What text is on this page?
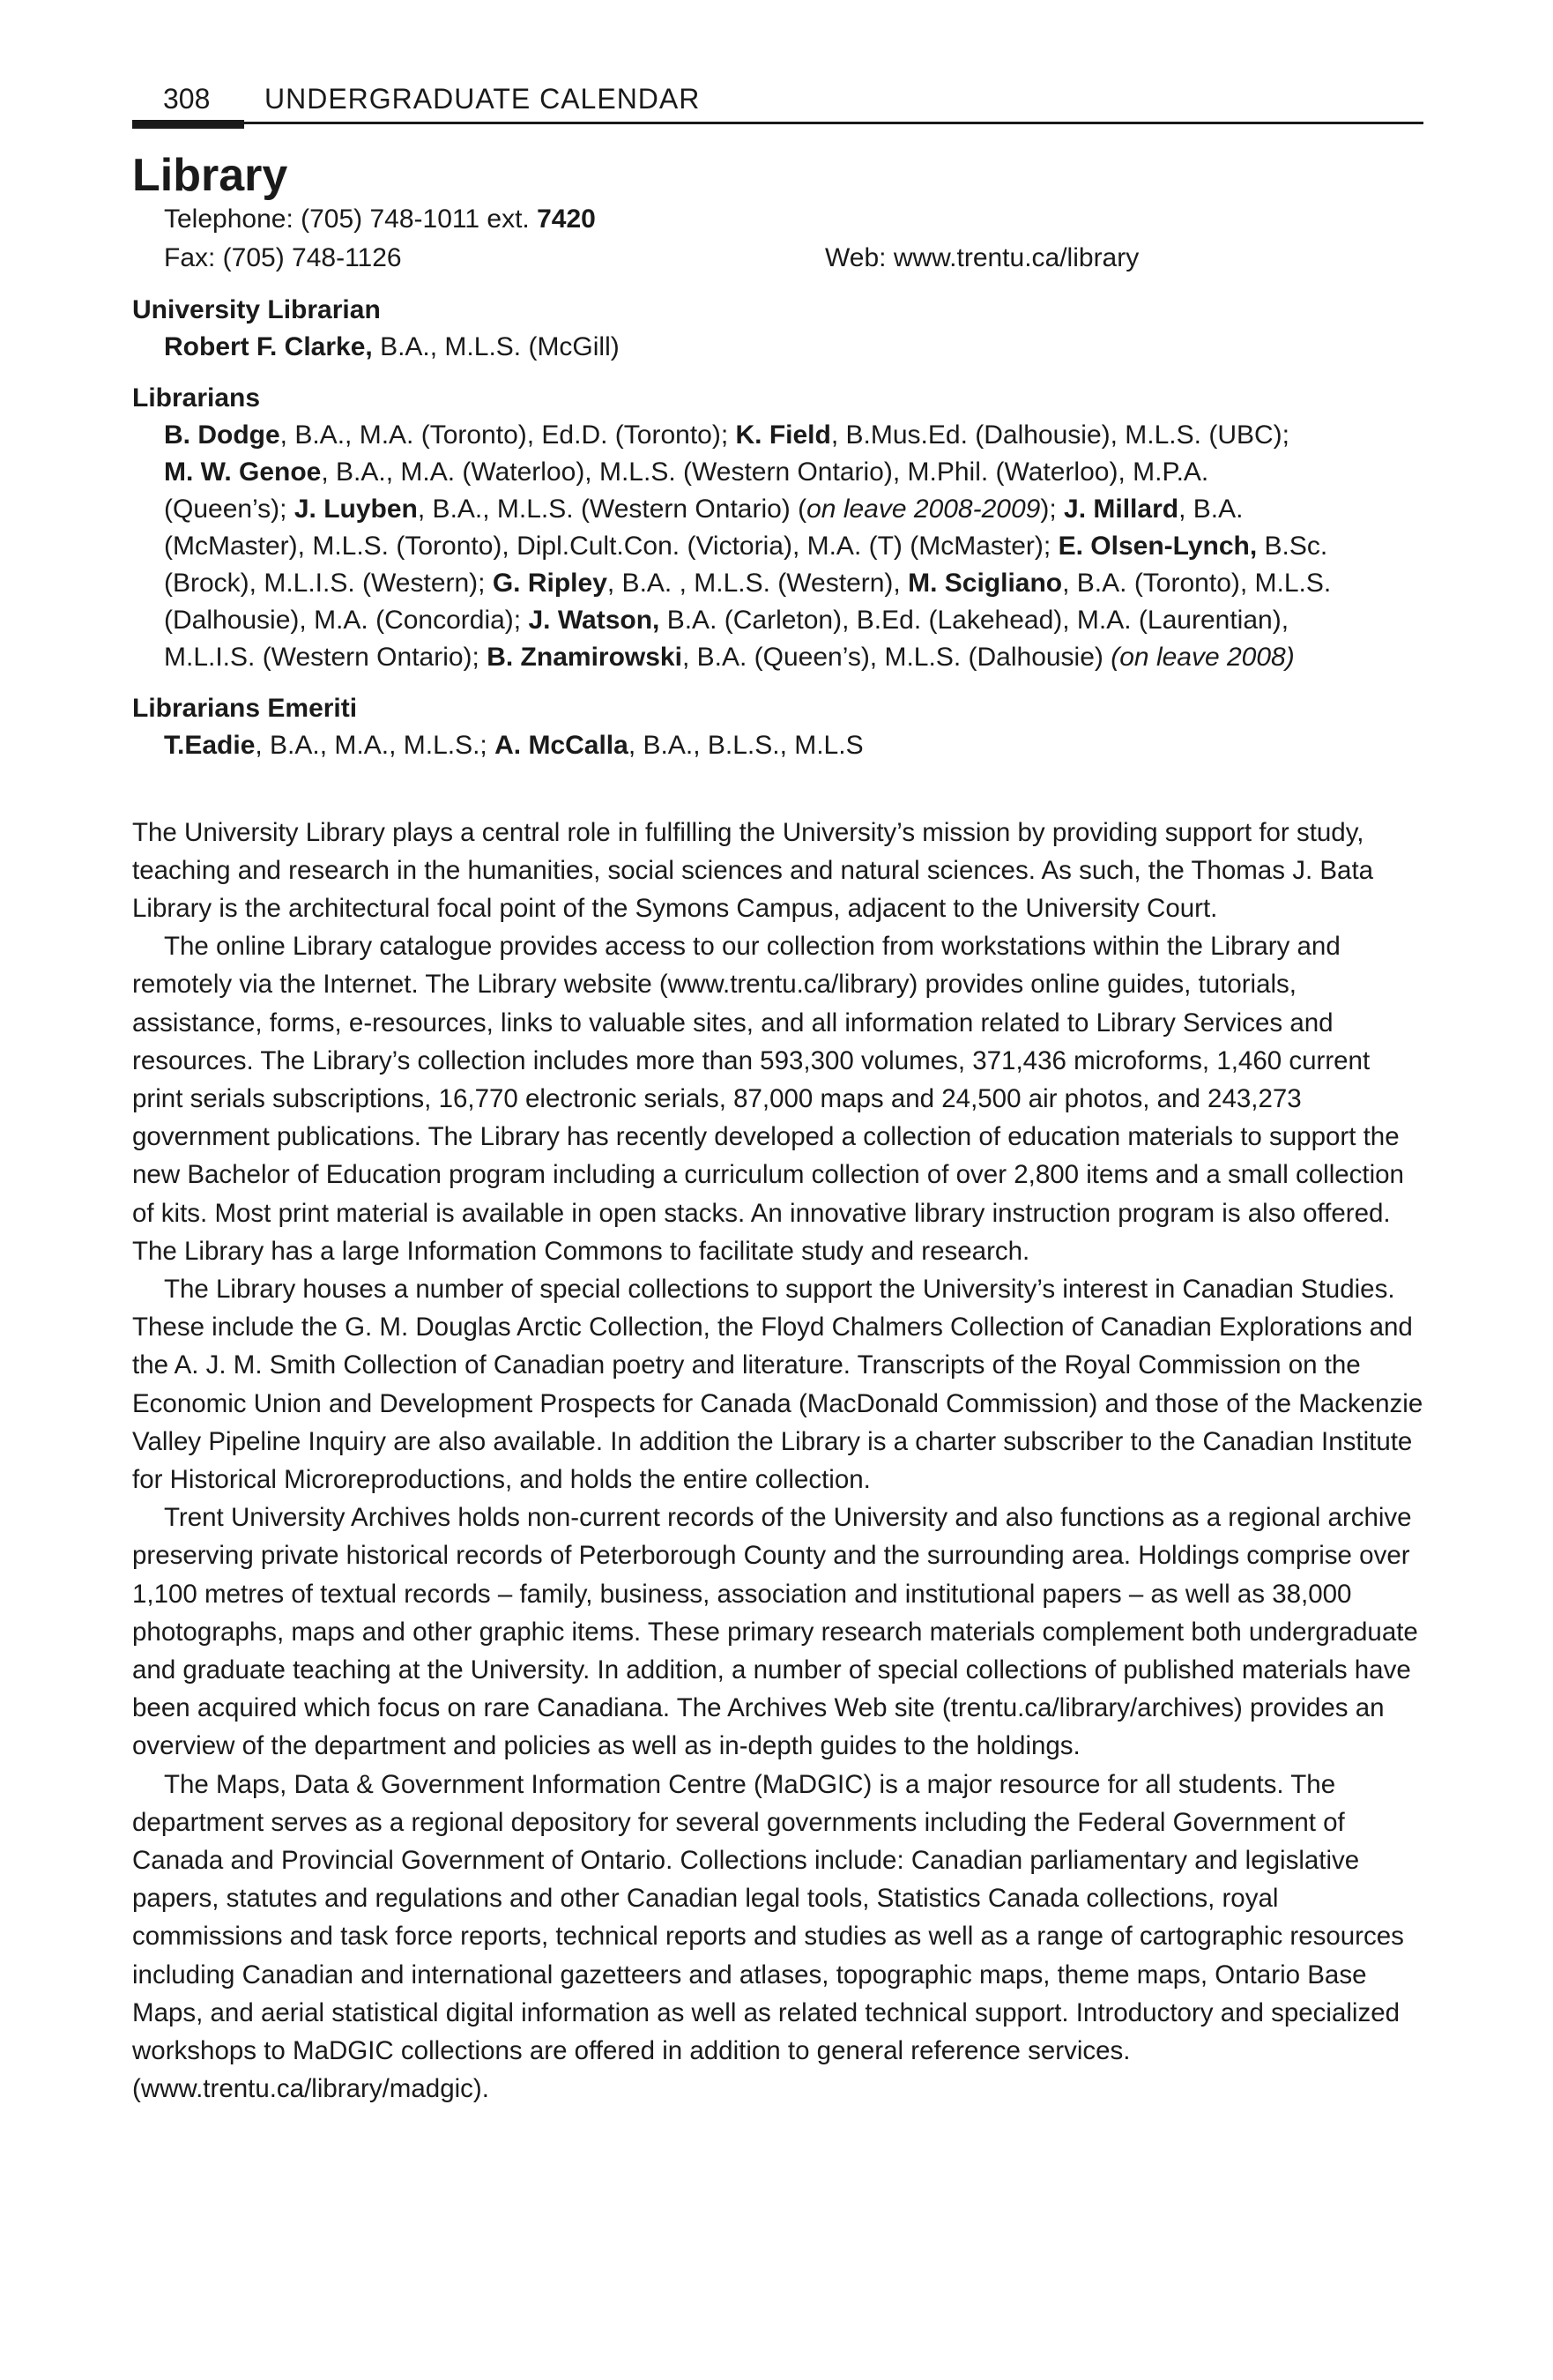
308 UNDERGRADUATE CALENDAR
Library
Telephone: (705) 748-1011 ext. 7420
Fax: (705) 748-1126	Web: www.trentu.ca/library
University Librarian
Robert F. Clarke, B.A., M.L.S. (McGill)
Librarians
B. Dodge, B.A., M.A. (Toronto), Ed.D. (Toronto); K. Field, B.Mus.Ed. (Dalhousie), M.L.S. (UBC);
M. W. Genoe, B.A., M.A. (Waterloo), M.L.S. (Western Ontario), M.Phil. (Waterloo), M.P.A.
(Queen’s); J. Luyben, B.A., M.L.S. (Western Ontario) (on leave 2008-2009); J. Millard, B.A.
(McMaster), M.L.S. (Toronto), Dipl.Cult.Con. (Victoria), M.A. (T) (McMaster); E. Olsen-Lynch, B.Sc.
(Brock), M.L.I.S. (Western); G. Ripley, B.A. , M.L.S. (Western), M. Scigliano, B.A. (Toronto), M.L.S.
(Dalhousie), M.A. (Concordia); J. Watson, B.A. (Carleton), B.Ed. (Lakehead), M.A. (Laurentian),
M.L.I.S. (Western Ontario); B. Znamirowski, B.A. (Queen’s), M.L.S. (Dalhousie) (on leave 2008)
Librarians Emeriti
T.Eadie, B.A., M.A., M.L.S.; A. McCalla, B.A., B.L.S., M.L.S

The University Library plays a central role in fulfilling the University’s mission by providing support for study, teaching and research in the humanities, social sciences and natural sciences. As such, the Thomas J. Bata Library is the architectural focal point of the Symons Campus, adjacent to the University Court.

The online Library catalogue provides access to our collection from workstations within the Library and remotely via the Internet. The Library website (www.trentu.ca/library) provides online guides, tutorials, assistance, forms, e-resources, links to valuable sites, and all information related to Library Services and resources. The Library’s collection includes more than 593,300 volumes, 371,436 microforms, 1,460 current print serials subscriptions, 16,770 electronic serials, 87,000 maps and 24,500 air photos, and 243,273 government publications. The Library has recently developed a collection of education materials to support the new Bachelor of Education program including a curriculum collection of over 2,800 items and a small collection of kits. Most print material is available in open stacks. An innovative library instruction program is also offered. The Library has a large Information Commons to facilitate study and research.

The Library houses a number of special collections to support the University’s interest in Canadian Studies. These include the G. M. Douglas Arctic Collection, the Floyd Chalmers Collection of Canadian Explorations and the A. J. M. Smith Collection of Canadian poetry and literature. Transcripts of the Royal Commission on the Economic Union and Development Prospects for Canada (MacDonald Commission) and those of the Mackenzie Valley Pipeline Inquiry are also available. In addition the Library is a charter subscriber to the Canadian Institute for Historical Microreproductions, and holds the entire collection.

Trent University Archives holds non-current records of the University and also functions as a regional archive preserving private historical records of Peterborough County and the surrounding area. Holdings comprise over 1,100 metres of textual records – family, business, association and institutional papers – as well as 38,000 photographs, maps and other graphic items. These primary research materials complement both undergraduate and graduate teaching at the University. In addition, a number of special collections of published materials have been acquired which focus on rare Canadiana. The Archives Web site (trentu.ca/library/archives) provides an overview of the department and policies as well as in-depth guides to the holdings.

The Maps, Data & Government Information Centre (MaDGIC) is a major resource for all students. The department serves as a regional depository for several governments including the Federal Government of Canada and Provincial Government of Ontario. Collections include: Canadian parliamentary and legislative papers, statutes and regulations and other Canadian legal tools, Statistics Canada collections, royal commissions and task force reports, technical reports and studies as well as a range of cartographic resources including Canadian and international gazetteers and atlases, topographic maps, theme maps, Ontario Base Maps, and aerial statistical digital information as well as related technical support. Introductory and specialized workshops to MaDGIC collections are offered in addition to general reference services. (www.trentu.ca/library/madgic).
